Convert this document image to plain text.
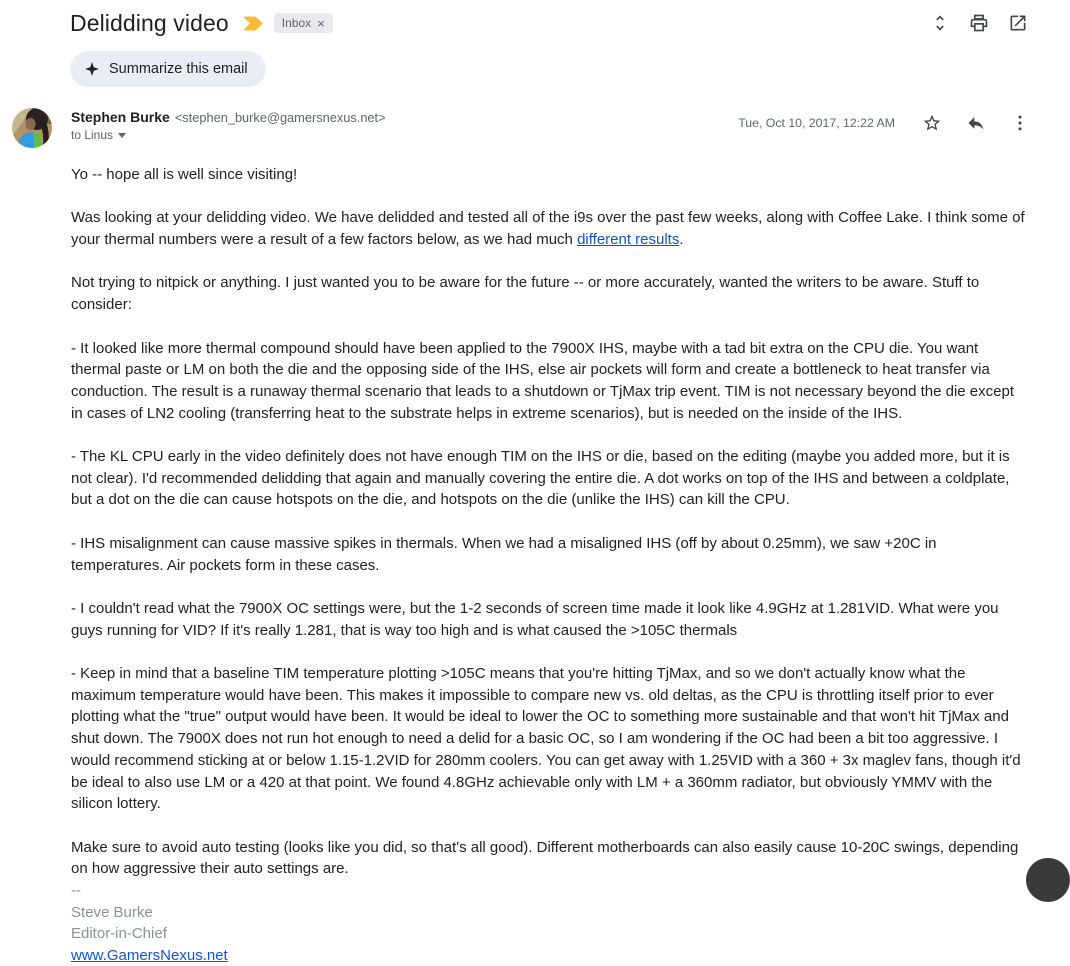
Delidding video	Inbox ×
Summarize this email
Stephen Burke <stephen_burke@gamersnexus.net>
to Linus
Tue, Oct 10, 2017, 12:22 AM

Yo -- hope all is well since visiting!

Was looking at your delidding video. We have delidded and tested all of the i9s over the past few weeks, along with Coffee Lake. I think some of your thermal numbers were a result of a few factors below, as we had much different results.

Not trying to nitpick or anything. I just wanted you to be aware for the future -- or more accurately, wanted the writers to be aware. Stuff to consider:

- It looked like more thermal compound should have been applied to the 7900X IHS, maybe with a tad bit extra on the CPU die. You want thermal paste or LM on both the die and the opposing side of the IHS, else air pockets will form and create a bottleneck to heat transfer via conduction. The result is a runaway thermal scenario that leads to a shutdown or TjMax trip event. TIM is not necessary beyond the die except in cases of LN2 cooling (transferring heat to the substrate helps in extreme scenarios), but is needed on the inside of the IHS.

- The KL CPU early in the video definitely does not have enough TIM on the IHS or die, based on the editing (maybe you added more, but it is not clear). I'd recommended delidding that again and manually covering the entire die. A dot works on top of the IHS and between a coldplate, but a dot on the die can cause hotspots on the die, and hotspots on the die (unlike the IHS) can kill the CPU.

- IHS misalignment can cause massive spikes in thermals. When we had a misaligned IHS (off by about 0.25mm), we saw +20C in temperatures. Air pockets form in these cases.

- I couldn't read what the 7900X OC settings were, but the 1-2 seconds of screen time made it look like 4.9GHz at 1.281VID. What were you guys running for VID? If it's really 1.281, that is way too high and is what caused the >105C thermals

- Keep in mind that a baseline TIM temperature plotting >105C means that you're hitting TjMax, and so we don't actually know what the maximum temperature would have been. This makes it impossible to compare new vs. old deltas, as the CPU is throttling itself prior to ever plotting what the "true" output would have been. It would be ideal to lower the OC to something more sustainable and that won't hit TjMax and shut down. The 7900X does not run hot enough to need a delid for a basic OC, so I am wondering if the OC had been a bit too aggressive. I would recommend sticking at or below 1.15-1.2VID for 280mm coolers. You can get away with 1.25VID with a 360 + 3x maglev fans, though it'd be ideal to also use LM or a 420 at that point. We found 4.8GHz achievable only with LM + a 360mm radiator, but obviously YMMV with the silicon lottery.

Make sure to avoid auto testing (looks like you did, so that's all good). Different motherboards can also easily cause 10-20C swings, depending on how aggressive their auto settings are.

--
Steve Burke
Editor-in-Chief
www.GamersNexus.net
